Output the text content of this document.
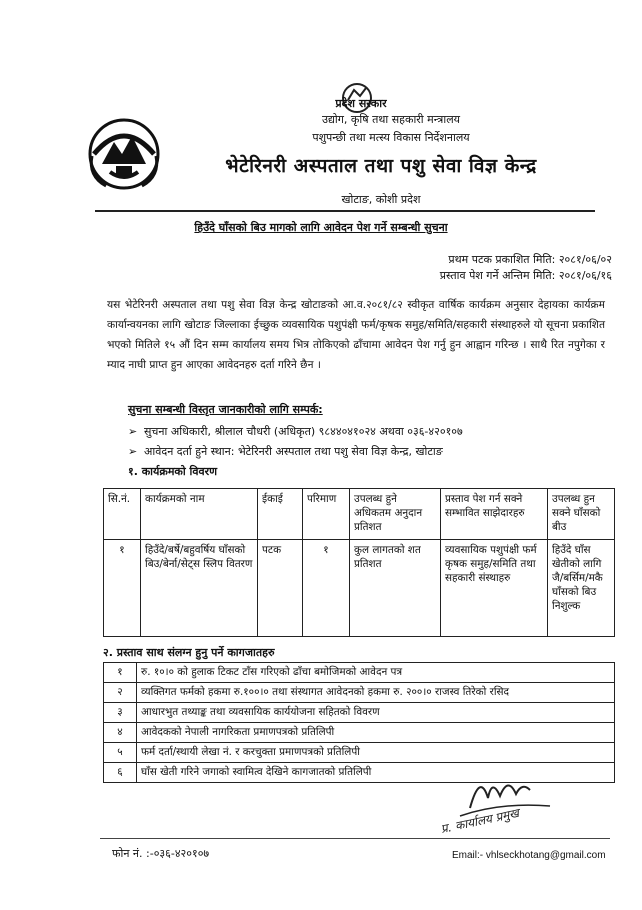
प्रदेश सरकार
उद्योग, कृषि तथा सहकारी मन्त्रालय
पशुपन्छी तथा मत्स्य विकास निर्देशनालय
भेटेरिनरी अस्पताल तथा पशु सेवा विज्ञ केन्द्र
खोटाङ, कोशी प्रदेश
हिउँदे घाँसको बिउ मागको लागि आवेदन पेश गर्ने सम्बन्धी सुचना
प्रथम पटक प्रकाशित मिति: २०८१/०६/०२
प्रस्ताव पेश गर्ने अन्तिम मिति: २०८१/०६/१६
यस भेटेरिनरी अस्पताल तथा पशु सेवा विज्ञ केन्द्र खोटाङको आ.व.२०८१/८२ स्वीकृत वार्षिक कार्यक्रम अनुसार देहायका कार्यक्रम कार्यान्वयनका लागि खोटाङ जिल्लाका ईच्छुक व्यवसायिक पशुपंक्षी फर्म/कृषक समुह/समिति/सहकारी संस्थाहरुले यो सूचना प्रकाशित भएको मितिले १५ औं दिन सम्म कार्यालय समय भित्र तोकिएको ढाँचामा आवेदन पेश गर्नु हुन आह्वान गरिन्छ । साथै रित नपुगेका र म्याद नाघी प्राप्त हुन आएका आवेदनहरु दर्ता गरिने छैन ।
सुचना सम्बन्धी विस्तृत जानकारीको लागि सम्पर्क:
➢ सुचना अधिकारी, श्रीलाल चौधरी (अधिकृत) ९८४४०४१०२४ अथवा ०३६-४२०१०७
➢ आवेदन दर्ता हुने स्थान: भेटेरिनरी अस्पताल तथा पशु सेवा विज्ञ केन्द्र, खोटाङ
१. कार्यक्रमको विवरण
सि.नं.	कार्यक्रमको नाम	ईकाई	परिमाण	उपलब्ध हुने अधिकतम अनुदान प्रतिशत	प्रस्ताव पेश गर्न सक्ने सम्भावित साझेदारहरु	उपलब्ध हुन सक्ने घाँसको बीउ
१	हिउँदे/बर्षे/बहुवर्षिय घाँसको बिउ/बेर्ना/सेट्स स्लिप वितरण	पटक	१	कुल लागतको शत प्रतिशत	व्यवसायिक पशुपंक्षी फर्म कृषक समुह/समिति तथा सहकारी संस्थाहरु	हिउँदे घाँस खेतीको लागि जै/बर्सिम/मकै घाँसको बिउ निशुल्क
२. प्रस्ताव साथ संलग्न हुनु पर्ने कागजातहरु
१	रु. १०।० को हुलाक टिकट टाँस गरिएको ढाँचा बमोजिमको आवेदन पत्र
२	व्यक्तिगत फर्मको हकमा रु.१००।० तथा संस्थागत आवेदनको हकमा रु. २००।० राजस्व तिरेको रसिद
३	आधारभुत तथ्याङ्क तथा व्यवसायिक कार्ययोजना सहितको विवरण
४	आवेदकको नेपाली नागरिकता प्रमाणपत्रको प्रतिलिपी
५	फर्म दर्ता/स्थायी लेखा नं. र करचुक्ता प्रमाणपत्रको प्रतिलिपी
६	घाँस खेती गरिने जगाको स्वामित्व देखिने कागजातको प्रतिलिपी
प्र. कार्यालय प्रमुख
फोन नं. :-०३६-४२०१०७	Email:- vhlseckhotang@gmail.com
